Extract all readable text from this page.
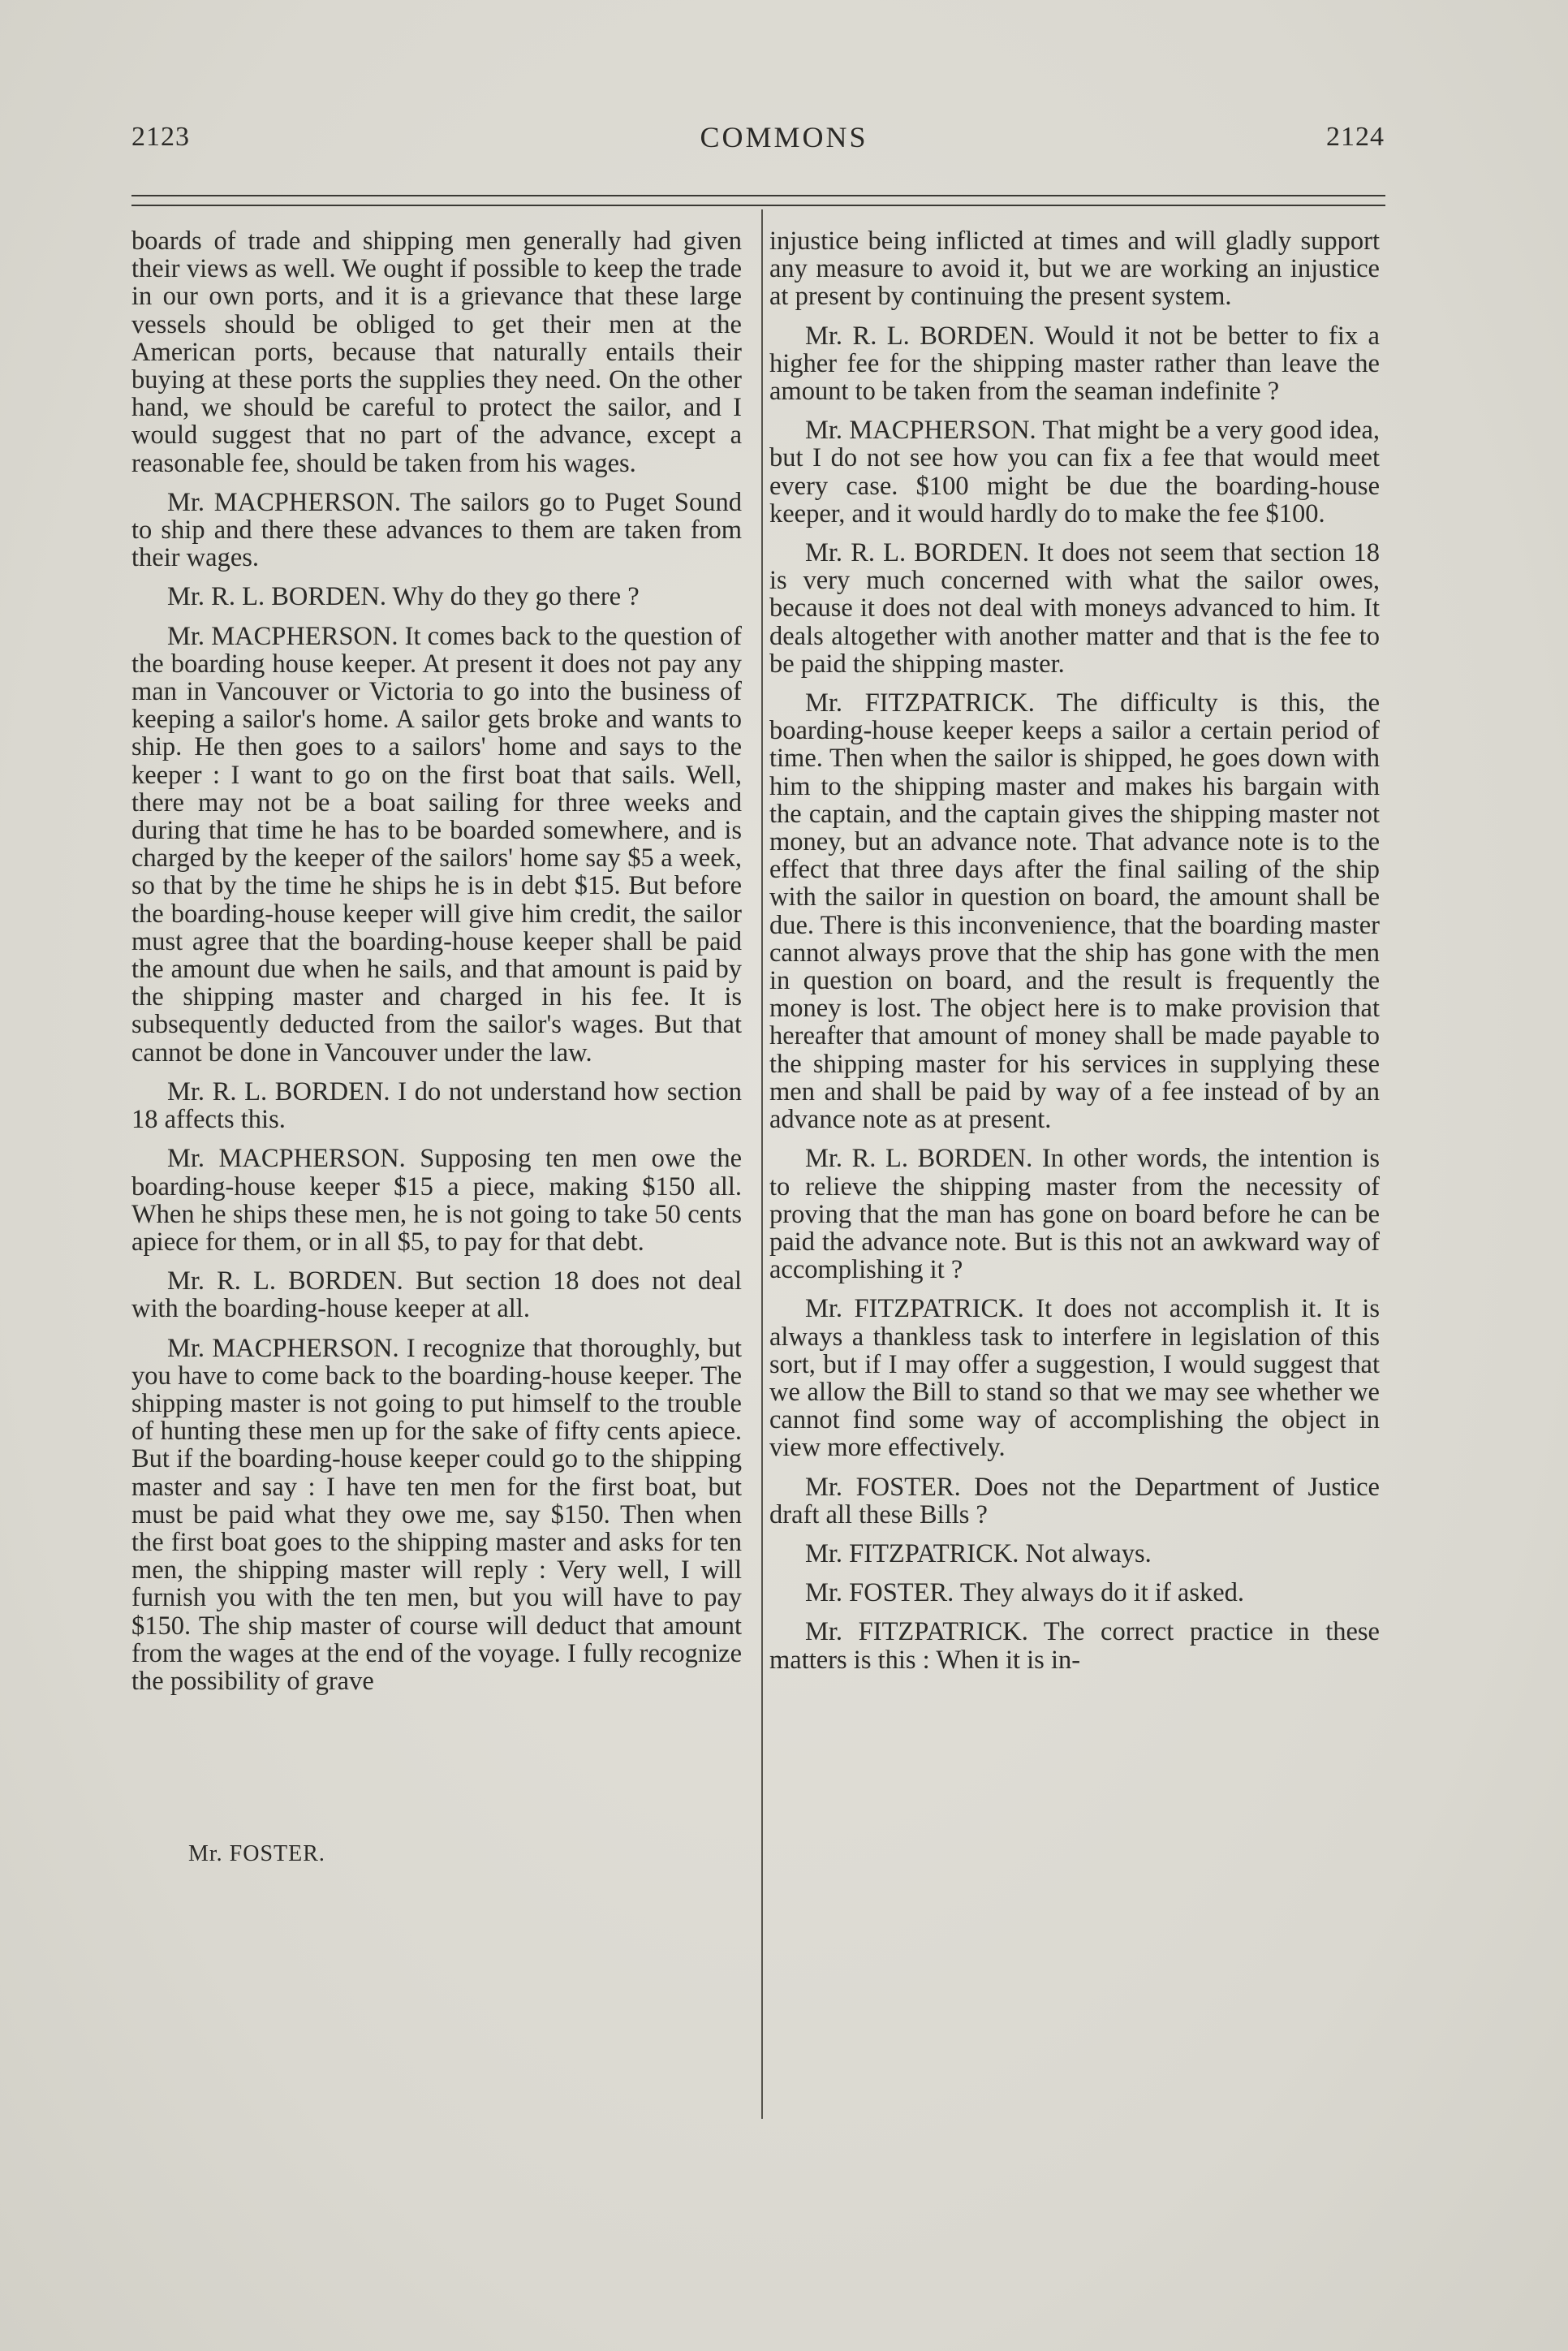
2123	COMMONS	2124

boards of trade and shipping men generally had given their views as well. We ought if possible to keep the trade in our own ports, and it is a grievance that these large vessels should be obliged to get their men at the American ports, because that naturally entails their buying at these ports the supplies they need. On the other hand, we should be careful to protect the sailor, and I would suggest that no part of the advance, except a reasonable fee, should be taken from his wages.

Mr. MACPHERSON. The sailors go to Puget Sound to ship and there these advances to them are taken from their wages.

Mr. R. L. BORDEN. Why do they go there ?

Mr. MACPHERSON. It comes back to the question of the boarding house keeper. At present it does not pay any man in Vancouver or Victoria to go into the business of keeping a sailor's home. A sailor gets broke and wants to ship. He then goes to a sailors' home and says to the keeper : I want to go on the first boat that sails. Well, there may not be a boat sailing for three weeks and during that time he has to be boarded somewhere, and is charged by the keeper of the sailors' home say $5 a week, so that by the time he ships he is in debt $15. But before the boarding-house keeper will give him credit, the sailor must agree that the boarding-house keeper shall be paid the amount due when he sails, and that amount is paid by the shipping master and charged in his fee. It is subsequently deducted from the sailor's wages. But that cannot be done in Vancouver under the law.

Mr. R. L. BORDEN. I do not understand how section 18 affects this.

Mr. MACPHERSON. Supposing ten men owe the boarding-house keeper $15 a piece, making $150 all. When he ships these men, he is not going to take 50 cents apiece for them, or in all $5, to pay for that debt.

Mr. R. L. BORDEN. But section 18 does not deal with the boarding-house keeper at all.

Mr. MACPHERSON. I recognize that thoroughly, but you have to come back to the boarding-house keeper. The shipping master is not going to put himself to the trouble of hunting these men up for the sake of fifty cents apiece. But if the boarding-house keeper could go to the shipping master and say : I have ten men for the first boat, but must be paid what they owe me, say $150. Then when the first boat goes to the shipping master and asks for ten men, the shipping master will reply : Very well, I will furnish you with the ten men, but you will have to pay $150. The ship master of course will deduct that amount from the wages at the end of the voyage. I fully recognize the possibility of grave

injustice being inflicted at times and will gladly support any measure to avoid it, but we are working an injustice at present by continuing the present system.

Mr. R. L. BORDEN. Would it not be better to fix a higher fee for the shipping master rather than leave the amount to be taken from the seaman indefinite ?

Mr. MACPHERSON. That might be a very good idea, but I do not see how you can fix a fee that would meet every case. $100 might be due the boarding-house keeper, and it would hardly do to make the fee $100.

Mr. R. L. BORDEN. It does not seem that section 18 is very much concerned with what the sailor owes, because it does not deal with moneys advanced to him. It deals altogether with another matter and that is the fee to be paid the shipping master.

Mr. FITZPATRICK. The difficulty is this, the boarding-house keeper keeps a sailor a certain period of time. Then when the sailor is shipped, he goes down with him to the shipping master and makes his bargain with the captain, and the captain gives the shipping master not money, but an advance note. That advance note is to the effect that three days after the final sailing of the ship with the sailor in question on board, the amount shall be due. There is this inconvenience, that the boarding master cannot always prove that the ship has gone with the men in question on board, and the result is frequently the money is lost. The object here is to make provision that hereafter that amount of money shall be made payable to the shipping master for his services in supplying these men and shall be paid by way of a fee instead of by an advance note as at present.

Mr. R. L. BORDEN. In other words, the intention is to relieve the shipping master from the necessity of proving that the man has gone on board before he can be paid the advance note. But is this not an awkward way of accomplishing it ?

Mr. FITZPATRICK. It does not accomplish it. It is always a thankless task to interfere in legislation of this sort, but if I may offer a suggestion, I would suggest that we allow the Bill to stand so that we may see whether we cannot find some way of accomplishing the object in view more effectively.

Mr. FOSTER. Does not the Department of Justice draft all these Bills ?

Mr. FITZPATRICK. Not always.

Mr. FOSTER. They always do it if asked.

Mr. FITZPATRICK. The correct practice in these matters is this : When it is in-

Mr. FOSTER.
